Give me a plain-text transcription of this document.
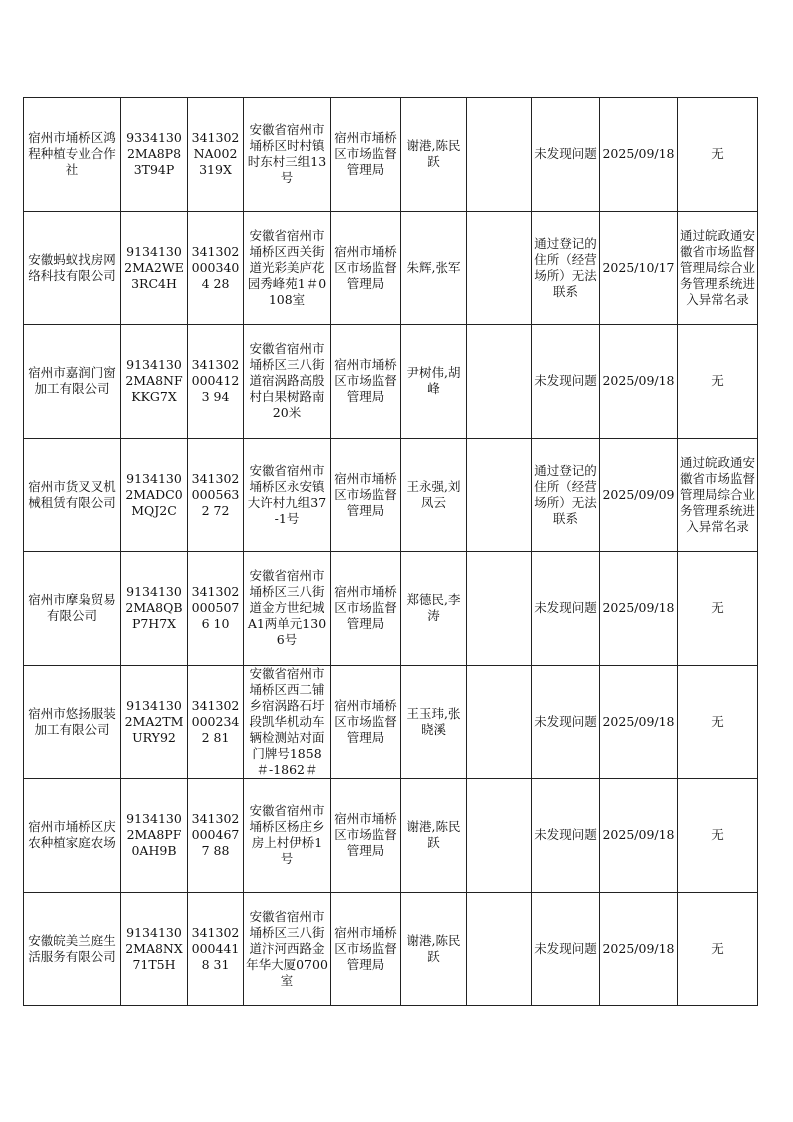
宿州市埇桥区鸿程种植专业合作社	93341302MA8P83T94P	341302NA002319X	安徽省宿州市埇桥区时村镇时东村三组13号	宿州市埇桥区市场监督管理局	谢港,陈民跃		未发现问题	2025/09/18	无
安徽蚂蚁找房网络科技有限公司	91341302MA2WE3RC4H	3413020003404 28	安徽省宿州市埇桥区西关街道光彩美庐花园秀峰苑1＃0108室	宿州市埇桥区市场监督管理局	朱辉,张军		通过登记的住所（经营场所）无法联系	2025/10/17	通过皖政通安徽省市场监督管理局综合业务管理系统进入异常名录
宿州市嘉润门窗加工有限公司	91341302MA8NFKKG7X	3413020004123 94	安徽省宿州市埇桥区三八街道宿涡路高殷村白果树路南20米	宿州市埇桥区市场监督管理局	尹树伟,胡峰		未发现问题	2025/09/18	无
宿州市货叉叉机械租赁有限公司	91341302MADC0MQJ2C	3413020005632 72	安徽省宿州市埇桥区永安镇大许村九组37-1号	宿州市埇桥区市场监督管理局	王永强,刘凤云		通过登记的住所（经营场所）无法联系	2025/09/09	通过皖政通安徽省市场监督管理局综合业务管理系统进入异常名录
宿州市摩枭贸易有限公司	91341302MA8QBP7H7X	3413020005076 10	安徽省宿州市埇桥区三八街道金方世纪城A1两单元1306号	宿州市埇桥区市场监督管理局	郑德民,李涛		未发现问题	2025/09/18	无
宿州市悠扬服装加工有限公司	91341302MA2TMURY92	3413020002342 81	安徽省宿州市埇桥区西二铺乡宿涡路石圩段凯华机动车辆检测站对面门牌号1858＃-1862＃	宿州市埇桥区市场监督管理局	王玉玮,张晓溪		未发现问题	2025/09/18	无
宿州市埇桥区庆农种植家庭农场	91341302MA8PF0AH9B	3413020004677 88	安徽省宿州市埇桥区杨庄乡房上村伊桥1号	宿州市埇桥区市场监督管理局	谢港,陈民跃		未发现问题	2025/09/18	无
安徽皖美兰庭生活服务有限公司	91341302MA8NX71T5H	3413020004418 31	安徽省宿州市埇桥区三八街道汴河西路金年华大厦0700室	宿州市埇桥区市场监督管理局	谢港,陈民跃		未发现问题	2025/09/18	无
